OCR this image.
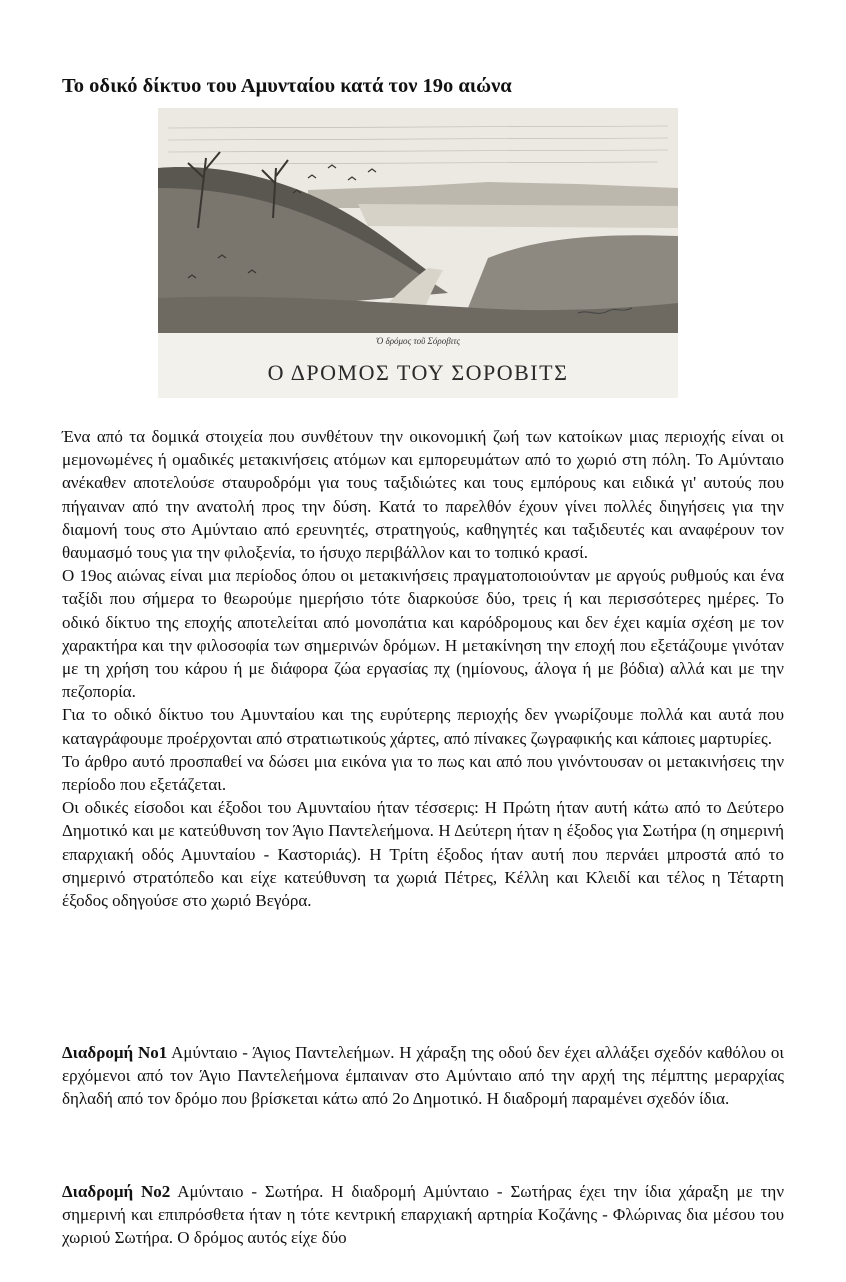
Το οδικό δίκτυο του Αμυνταίου κατά τον 19ο αιώνα
Ὁ δρόμος τοῦ Σόροβιτς
Ο ΔΡΟΜΟΣ ΤΟΥ ΣΟΡΟΒΙΤΣ

Ένα από τα δομικά στοιχεία που συνθέτουν την οικονομική ζωή των κατοίκων μιας περιοχής είναι οι μεμονωμένες ή ομαδικές μετακινήσεις ατόμων και εμπορευμάτων από το χωριό στη πόλη. Το Αμύνταιο ανέκαθεν αποτελούσε σταυροδρόμι για τους ταξιδιώτες και τους εμπόρους και ειδικά γι' αυτούς που πήγαιναν από την ανατολή προς την δύση. Κατά το παρελθόν έχουν γίνει πολλές διηγήσεις για την διαμονή τους στο Αμύνταιο από ερευνητές, στρατηγούς, καθηγητές και ταξιδευτές και αναφέρουν τον θαυμασμό τους για την φιλοξενία, το ήσυχο περιβάλλον και το τοπικό κρασί.

Ο 19ος αιώνας είναι μια περίοδος όπου οι μετακινήσεις πραγματοποιούνταν με αργούς ρυθμούς και ένα ταξίδι που σήμερα το θεωρούμε ημερήσιο τότε διαρκούσε δύο, τρεις ή και περισσότερες ημέρες. Το οδικό δίκτυο της εποχής αποτελείται από μονοπάτια και καρόδρομους και δεν έχει καμία σχέση με τον χαρακτήρα και την φιλοσοφία των σημερινών δρόμων. Η μετακίνηση την εποχή που εξετάζουμε γινόταν με τη χρήση του κάρου ή με διάφορα ζώα εργασίας πχ (ημίονους, άλογα ή με βόδια) αλλά και με την πεζοπορία.

Για το οδικό δίκτυο του Αμυνταίου και της ευρύτερης περιοχής δεν γνωρίζουμε πολλά και αυτά που καταγράφουμε προέρχονται από στρατιωτικούς χάρτες, από πίνακες ζωγραφικής και κάποιες μαρτυρίες.

Το άρθρο αυτό προσπαθεί να δώσει μια εικόνα για το πως και από που γινόντουσαν οι μετακινήσεις την περίοδο που εξετάζεται.

Οι οδικές είσοδοι και έξοδοι του Αμυνταίου ήταν τέσσερις: Η Πρώτη ήταν αυτή κάτω από το Δεύτερο Δημοτικό και με κατεύθυνση τον Άγιο Παντελεήμονα. Η Δεύτερη ήταν η έξοδος για Σωτήρα (η σημερινή επαρχιακή οδός Αμυνταίου - Καστοριάς). Η Τρίτη έξοδος ήταν αυτή που περνάει μπροστά από το σημερινό στρατόπεδο και είχε κατεύθυνση τα χωριά Πέτρες, Κέλλη και Κλειδί και τέλος η Τέταρτη έξοδος οδηγούσε στο χωριό Βεγόρα.

Διαδρομή Νο1 Αμύνταιο - Άγιος Παντελεήμων. Η χάραξη της οδού δεν έχει αλλάξει σχεδόν καθόλου οι ερχόμενοι από τον Άγιο Παντελεήμονα έμπαιναν στο Αμύνταιο από την αρχή της πέμπτης μεραρχίας δηλαδή από τον δρόμο που βρίσκεται κάτω από 2ο Δημοτικό. Η διαδρομή παραμένει σχεδόν ίδια.

Διαδρομή Νο2 Αμύνταιο - Σωτήρα. Η διαδρομή Αμύνταιο - Σωτήρας έχει την ίδια χάραξη με την σημερινή και επιπρόσθετα ήταν η τότε κεντρική επαρχιακή αρτηρία Κοζάνης - Φλώρινας δια μέσου του χωριού Σωτήρα. Ο δρόμος αυτός είχε δύο
